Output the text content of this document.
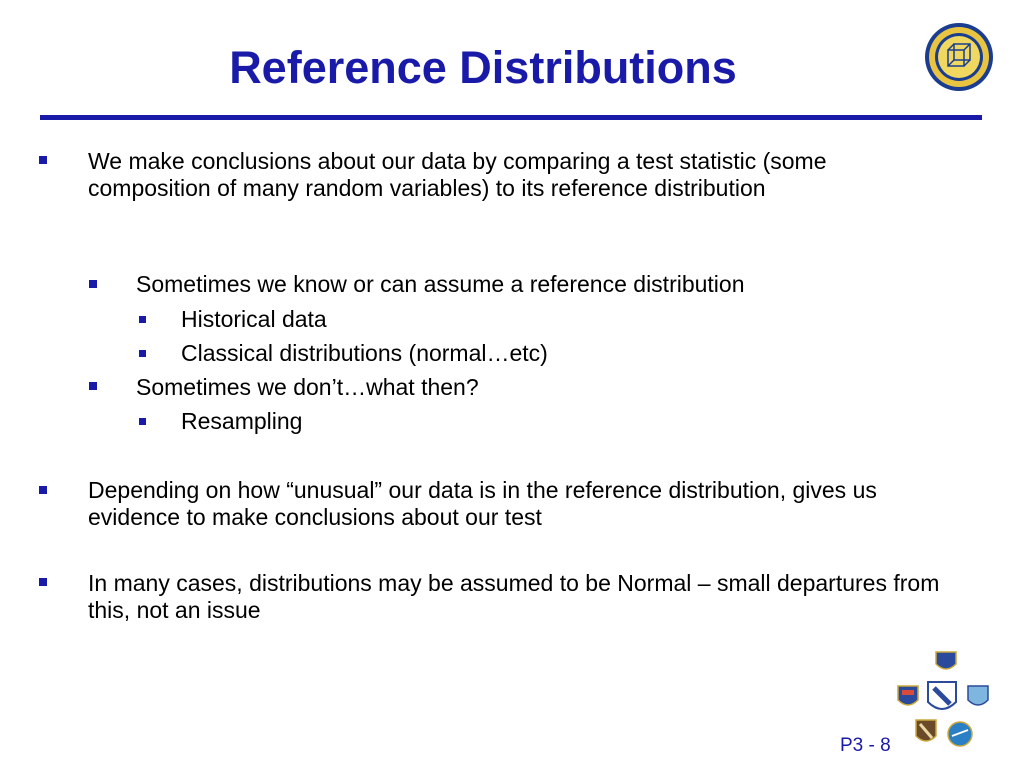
Reference Distributions
We make conclusions about our data by comparing a test statistic (some composition of many random variables) to its reference distribution
Sometimes we know or can assume a reference distribution
Historical data
Classical distributions (normal…etc)
Sometimes we don’t…what then?
Resampling
Depending on how “unusual” our data is in the reference distribution, gives us evidence to make conclusions about our test
In many cases, distributions may be assumed to be Normal – small departures from this, not an issue
P3 - 8
